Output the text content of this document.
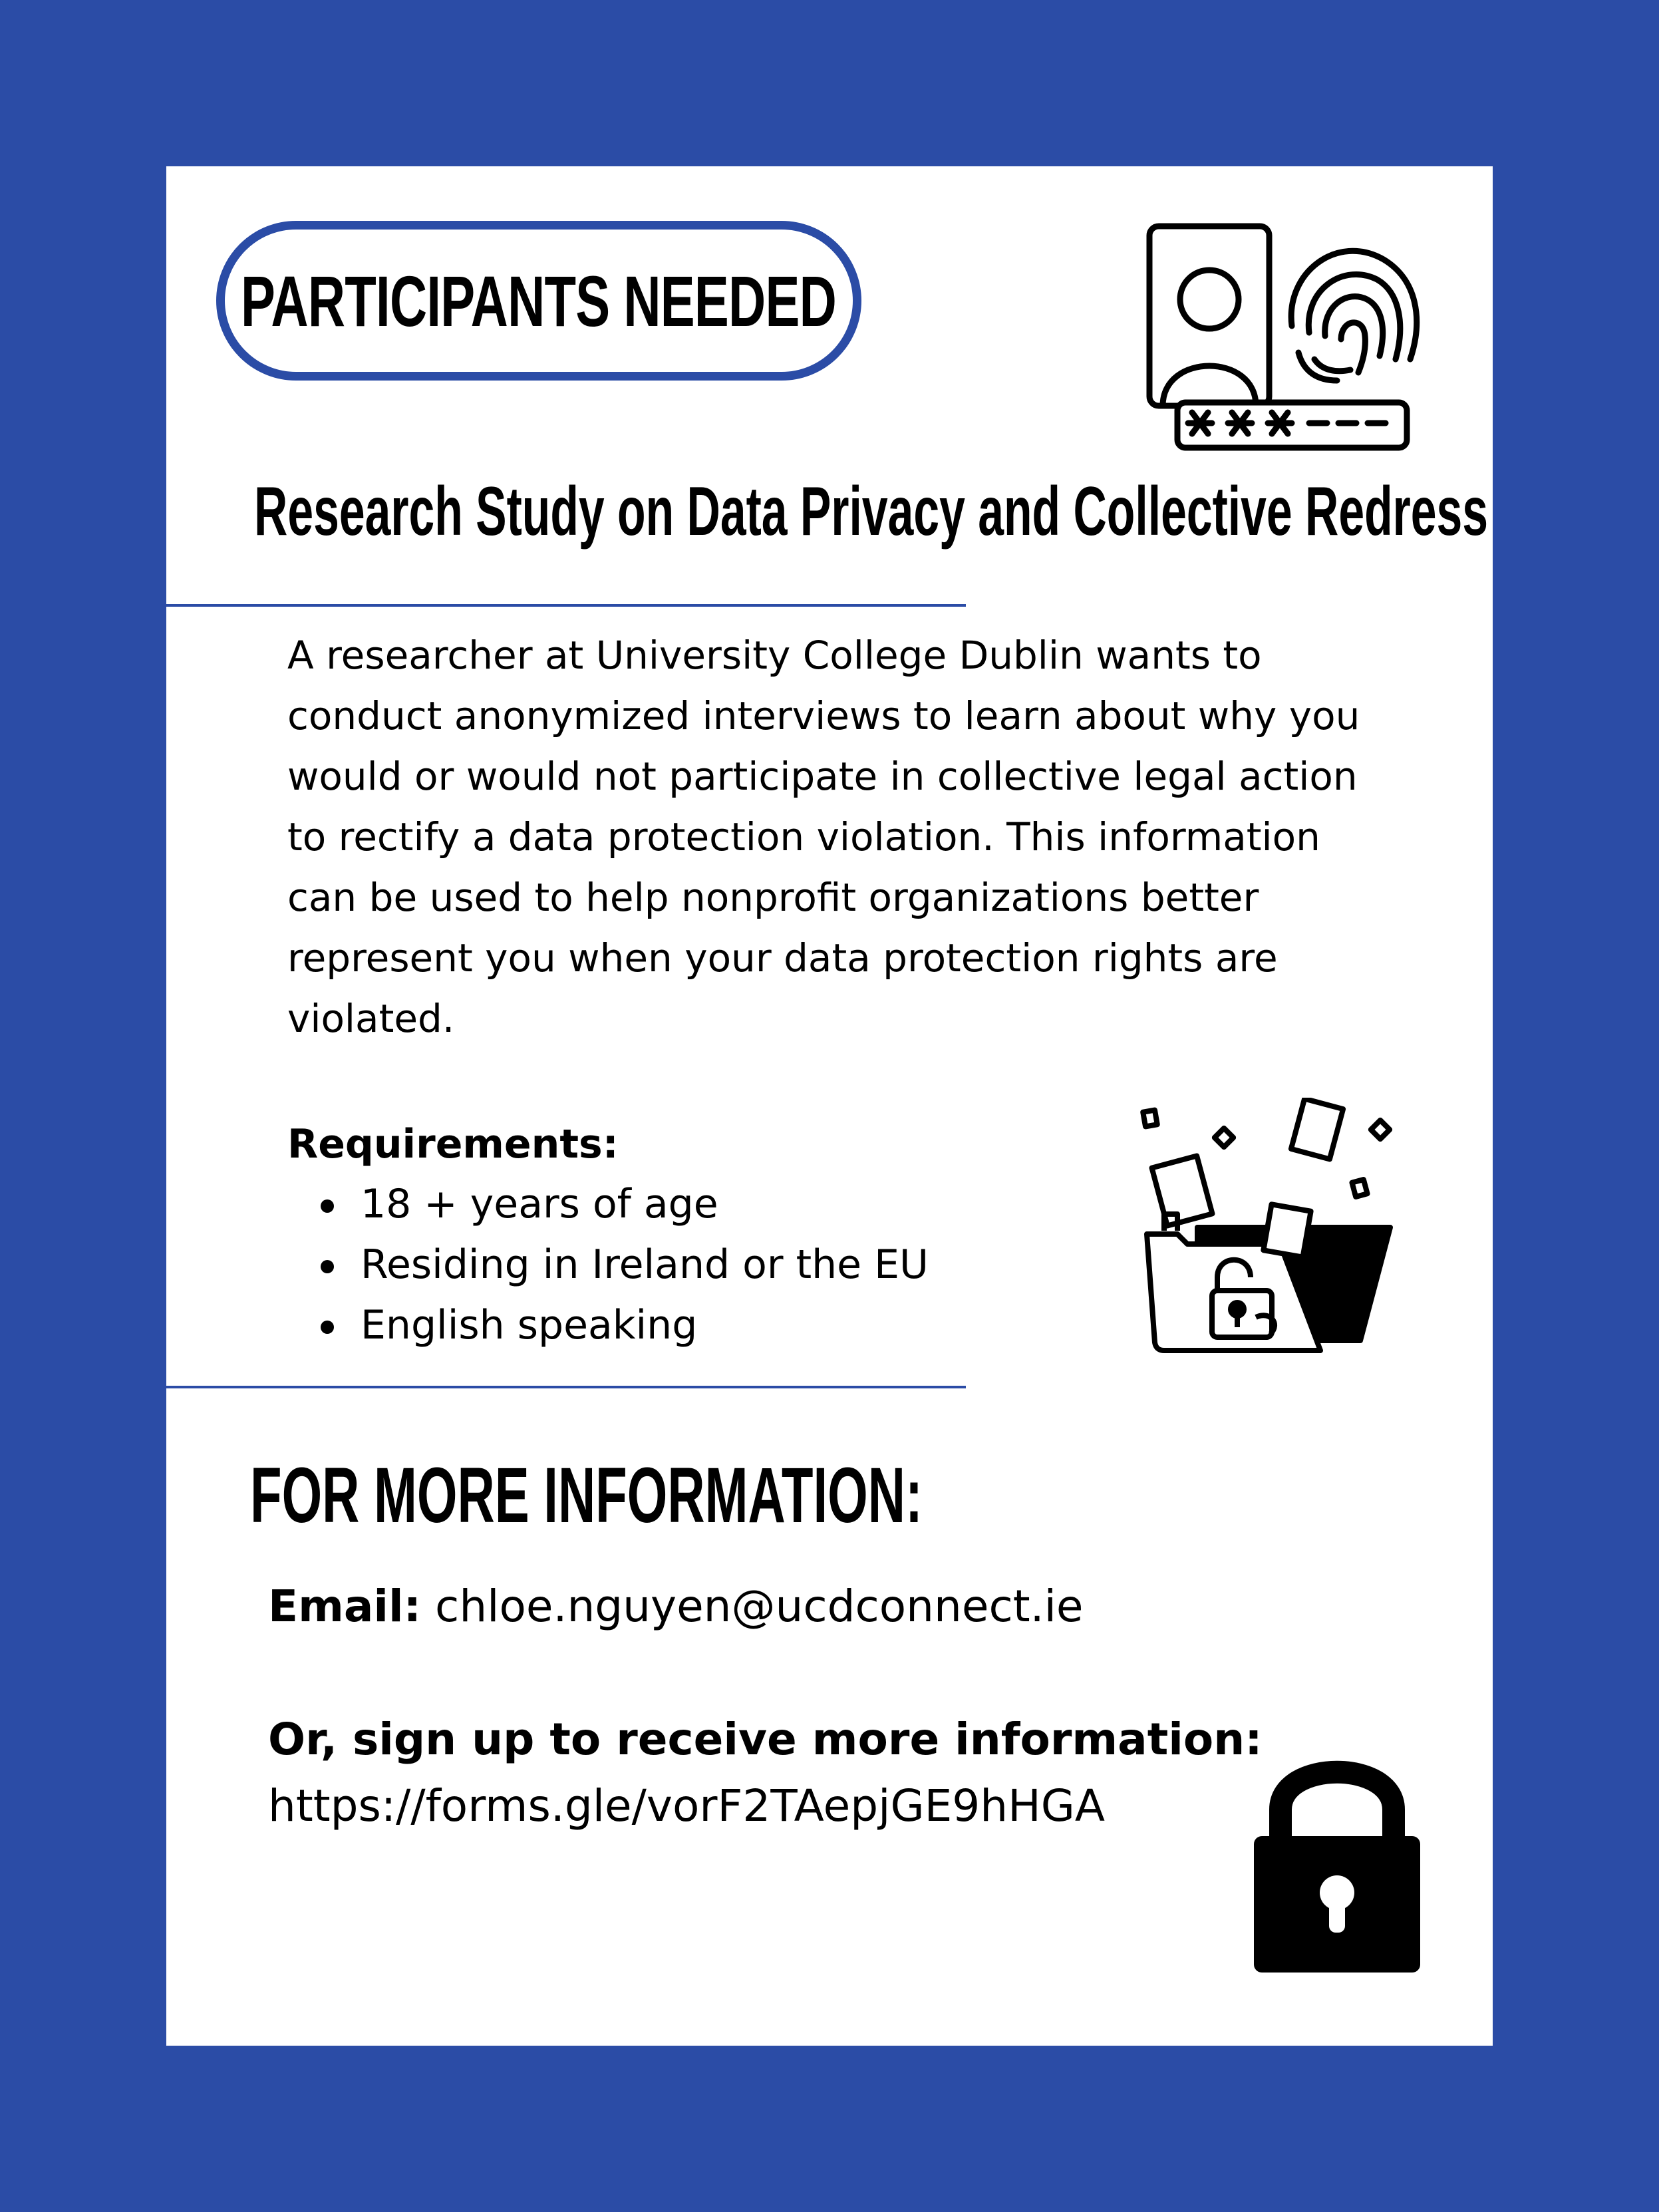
PARTICIPANTS NEEDED
Research Study on Data Privacy and Collective Redress

A researcher at University College Dublin wants to conduct anonymized interviews to learn about why you would or would not participate in collective legal action to rectify a data protection violation. This information can be used to help nonprofit organizations better represent you when your data protection rights are violated.

Requirements:
18 + years of age
Residing in Ireland or the EU
English speaking
FOR MORE INFORMATION:
Email: chloe.nguyen@ucdconnect.ie
Or, sign up to receive more information:
https://forms.gle/vorF2TAepjGE9hHGA
